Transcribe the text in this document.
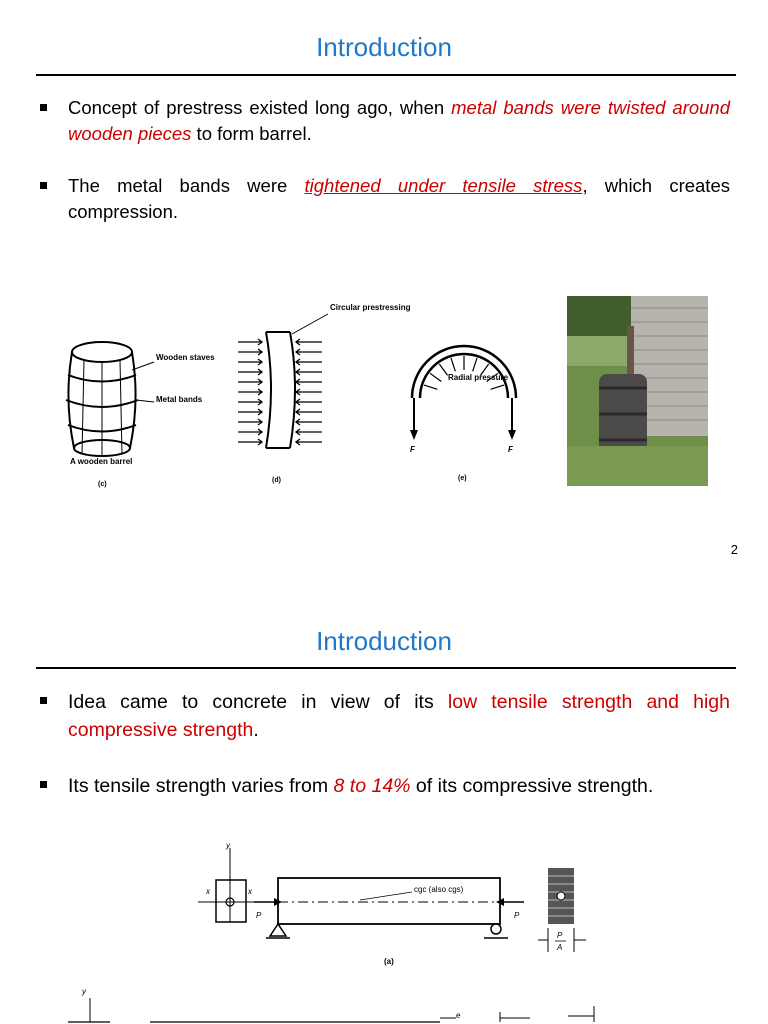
Introduction
Concept of prestress existed long ago, when metal bands were twisted around wooden pieces to form barrel.
The metal bands were tightened under tensile stress, which creates compression.
Wooden staves
Metal bands
A wooden barrel
(c)
Circular prestressing
(d)
Radial pressure
F	F
(e)
2
Introduction
Idea came to concrete in view of its low tensile strength and high compressive strength.
Its tensile strength varies from 8 to 14% of its compressive strength.
y
x	x	cgc (also cgs)
P	P
P
A
(a)
e
y
